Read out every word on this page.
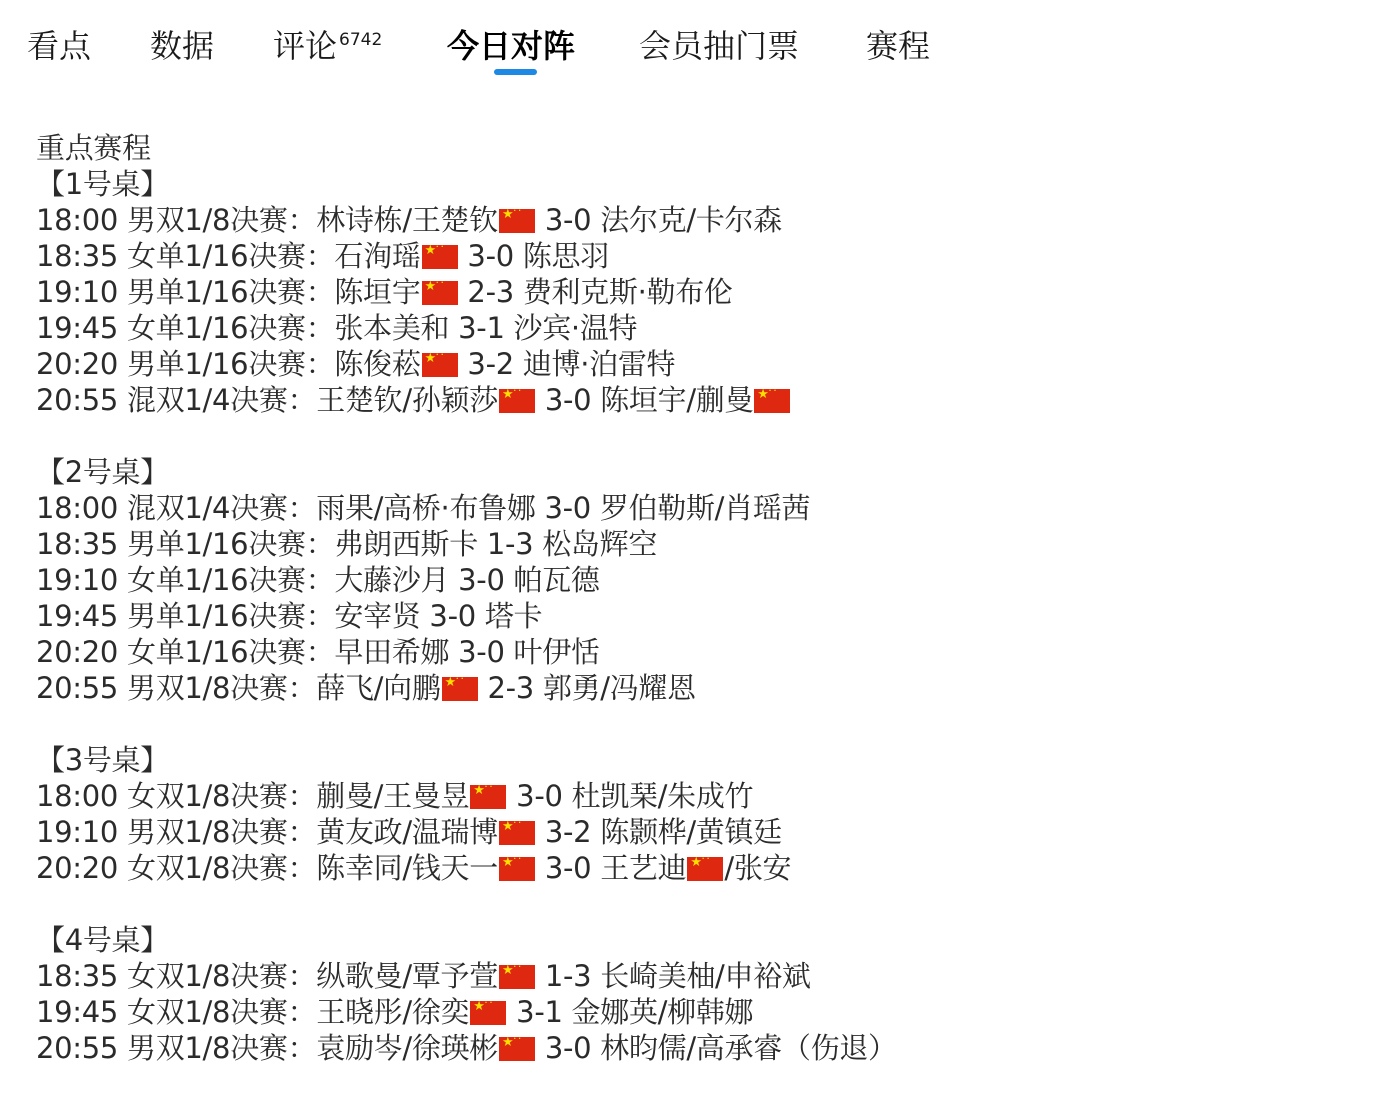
看点 数据 评论 $^{6742}$ 今日对阵 会员抽门票 赛程
重点赛程
【1号桌】
18:00 男双1/8决赛：林诗栋/王楚钦★ · · 3-0 法尔克/卡尔森
18:35 女单1/16决赛：石洵瑶★ · · 3-0 陈思羽
19:10 男单1/16决赛：陈垣宇★ · · 2-3 费利克斯·勒布伦
19:45 女单1/16决赛：张本美和 3-1 沙宾·温特
20:20 男单1/16决赛：陈俊菘★ · · 3-2 迪博·泊雷特
20:55 混双1/4决赛：王楚钦/孙颖莎★ · · 3-0 陈垣宇/蒯曼★ · ·
【2号桌】
18:00 混双1/4决赛：雨果/高桥·布鲁娜 3-0 罗伯勒斯/肖瑶茜
18:35 男单1/16决赛：弗朗西斯卡 1-3 松岛辉空
19:10 女单1/16决赛：大藤沙月 3-0 帕瓦德
19:45 男单1/16决赛：安宰贤 3-0 塔卡
20:20 女单1/16决赛：早田希娜 3-0 叶伊恬
20:55 男双1/8决赛：薛飞/向鹏★ · · 2-3 郭勇/冯耀恩
【3号桌】
18:00 女双1/8决赛：蒯曼/王曼昱★ · · 3-0 杜凯琹/朱成竹
19:10 男双1/8决赛：黄友政/温瑞博★ · · 3-2 陈颢桦/黄镇廷
20:20 女双1/8决赛：陈幸同/钱天一★ · · 3-0 王艺迪★ · · /张安
【4号桌】
18:35 女双1/8决赛：纵歌曼/覃予萱★ · · 1-3 长崎美柚/申裕斌
19:45 女双1/8决赛：王晓彤/徐奕★ · · 3-1 金娜英/柳韩娜
20:55 男双1/8决赛：袁励岑/徐瑛彬★ · · 3-0 林昀儒/高承睿（伤退）
